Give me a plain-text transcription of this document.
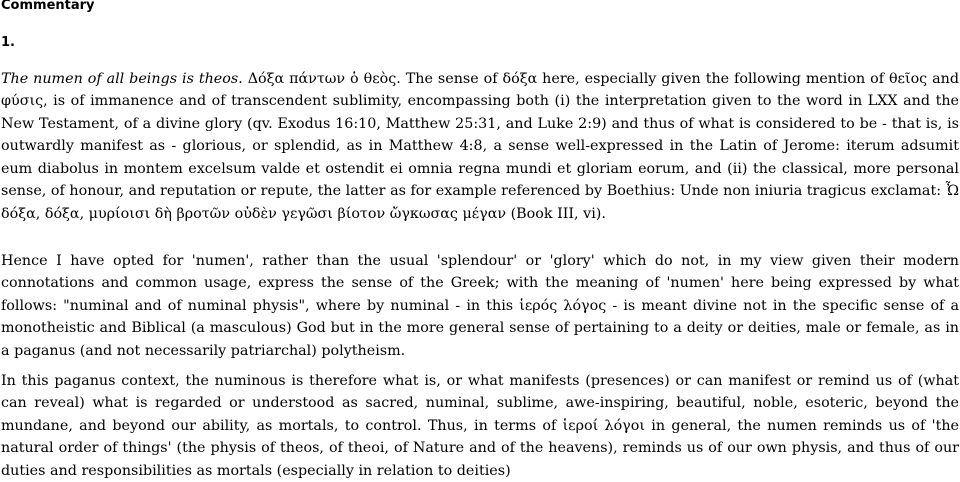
Commentary
1.

The numen of all beings is theos. Δόξα πάντων ὁ θεὸς. The sense of δόξα here, especially given the following mention of θεῖος and φύσις, is of immanence and of transcendent sublimity, encompassing both (i) the interpretation given to the word in LXX and the New Testament, of a divine glory (qv. Exodus 16:10, Matthew 25:31, and Luke 2:9) and thus of what is considered to be - that is, is outwardly manifest as - glorious, or splendid, as in Matthew 4:8, a sense well-expressed in the Latin of Jerome: iterum adsumit eum diabolus in montem excelsum valde et ostendit ei omnia regna mundi et gloriam eorum, and (ii) the classical, more personal sense, of honour, and reputation or repute, the latter as for example referenced by Boethius: Unde non iniuria tragicus exclamat: Ὦ δόξα, δόξα, μυρίοισι δὴ βροτῶν οὐδὲν γεγῶσι βίοτον ὤγκωσας μέγαν (Book III, vi).

Hence I have opted for 'numen', rather than the usual 'splendour' or 'glory' which do not, in my view given their modern connotations and common usage, express the sense of the Greek; with the meaning of 'numen' here being expressed by what follows: "numinal and of numinal physis", where by numinal - in this ἱερός λόγος - is meant divine not in the specific sense of a monotheistic and Biblical (a masculous) God but in the more general sense of pertaining to a deity or deities, male or female, as in a paganus (and not necessarily patriarchal) polytheism.

In this paganus context, the numinous is therefore what is, or what manifests (presences) or can manifest or remind us of (what can reveal) what is regarded or understood as sacred, numinal, sublime, awe-inspiring, beautiful, noble, esoteric, beyond the mundane, and beyond our ability, as mortals, to control. Thus, in terms of ἱεροί λόγοι in general, the numen reminds us of 'the natural order of things' (the physis of theos, of theoi, of Nature and of the heavens), reminds us of our own physis, and thus of our duties and responsibilities as mortals (especially in relation to deities)
